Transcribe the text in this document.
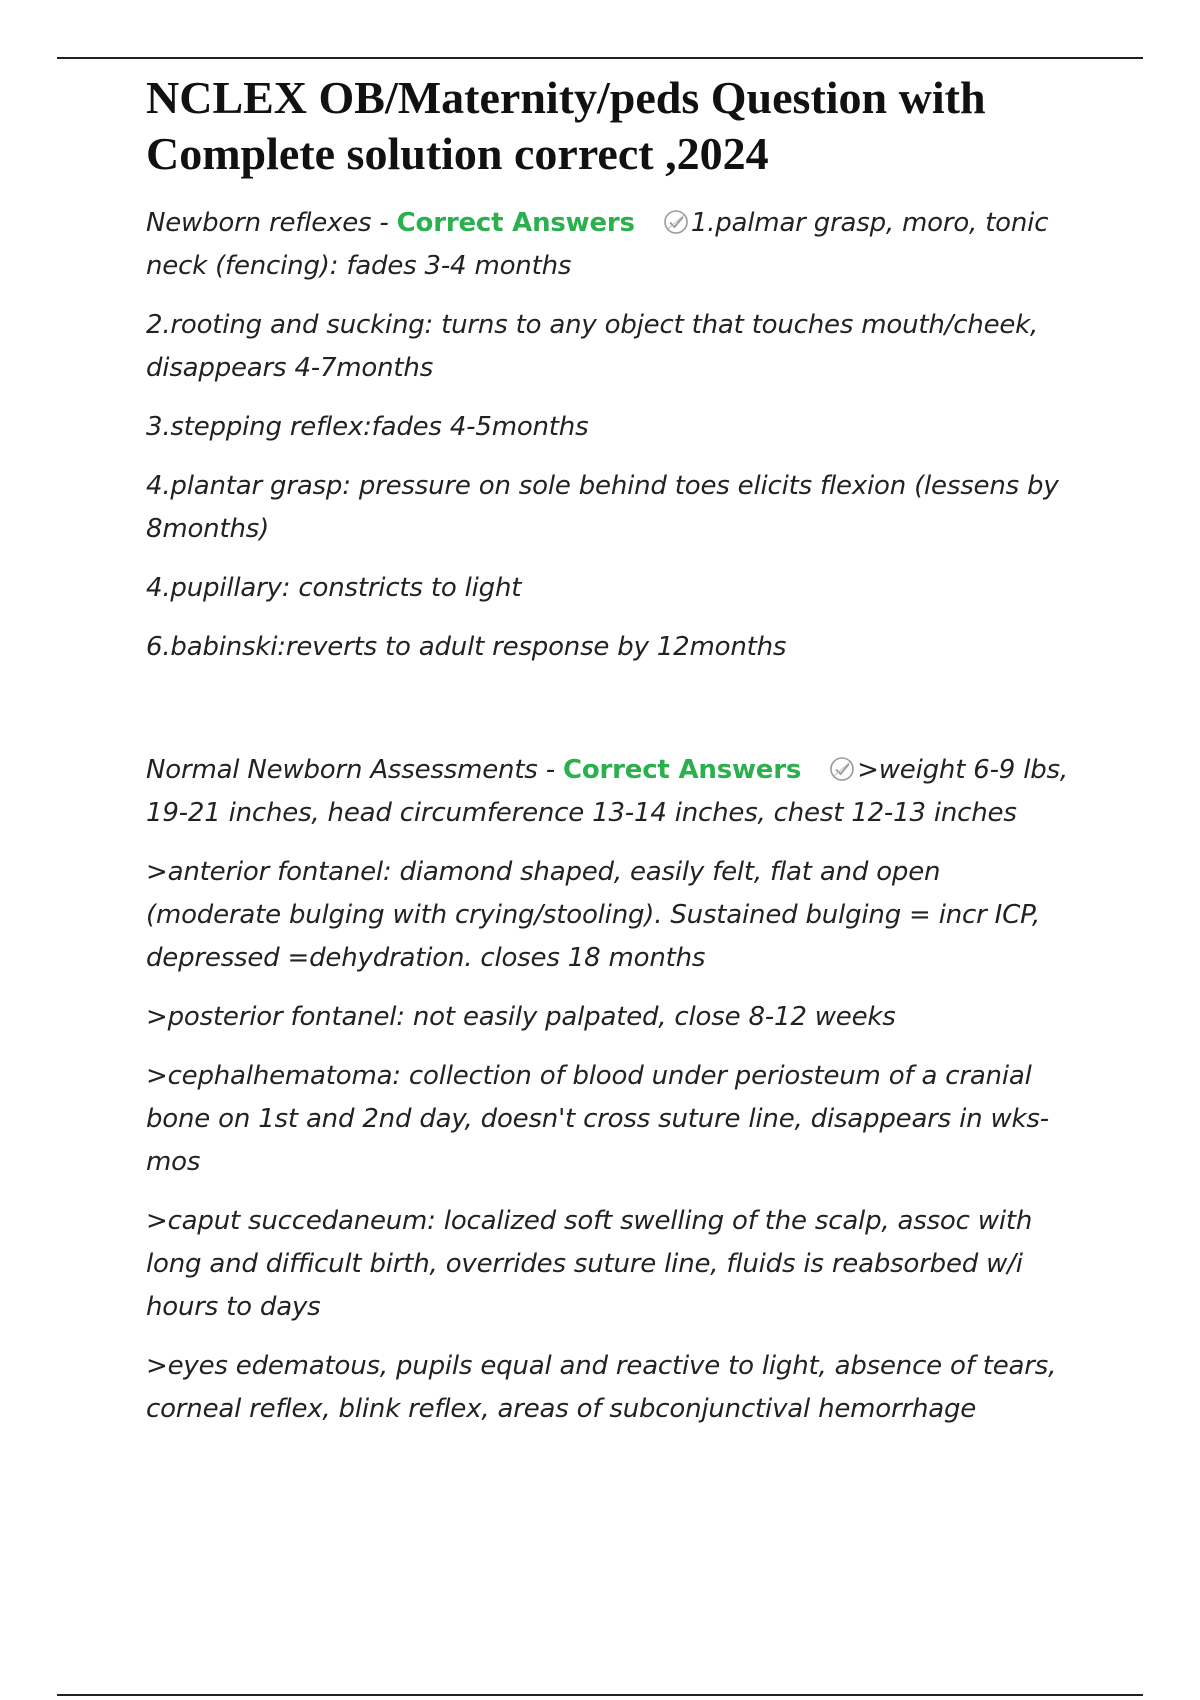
NCLEX OB/Maternity/peds Question with Complete solution correct ,2024

Newborn reflexes - Correct Answers 1.palmar grasp, moro, tonic neck (fencing): fades 3-4 months

2.rooting and sucking: turns to any object that touches mouth/cheek, disappears 4-7months

3.stepping reflex:fades 4-5months

4.plantar grasp: pressure on sole behind toes elicits flexion (lessens by 8months)

4.pupillary: constricts to light

6.babinski:reverts to adult response by 12months

Normal Newborn Assessments - Correct Answers >weight 6-9 lbs, 19-21 inches, head circumference 13-14 inches, chest 12-13 inches

>anterior fontanel: diamond shaped, easily felt, flat and open (moderate bulging with crying/stooling). Sustained bulging = incr ICP, depressed =dehydration. closes 18 months

>posterior fontanel: not easily palpated, close 8-12 weeks

>cephalhematoma: collection of blood under periosteum of a cranial bone on 1st and 2nd day, doesn't cross suture line, disappears in wks-mos

>caput succedaneum: localized soft swelling of the scalp, assoc with long and difficult birth, overrides suture line, fluids is reabsorbed w/i hours to days

>eyes edematous, pupils equal and reactive to light, absence of tears, corneal reflex, blink reflex, areas of subconjunctival hemorrhage
